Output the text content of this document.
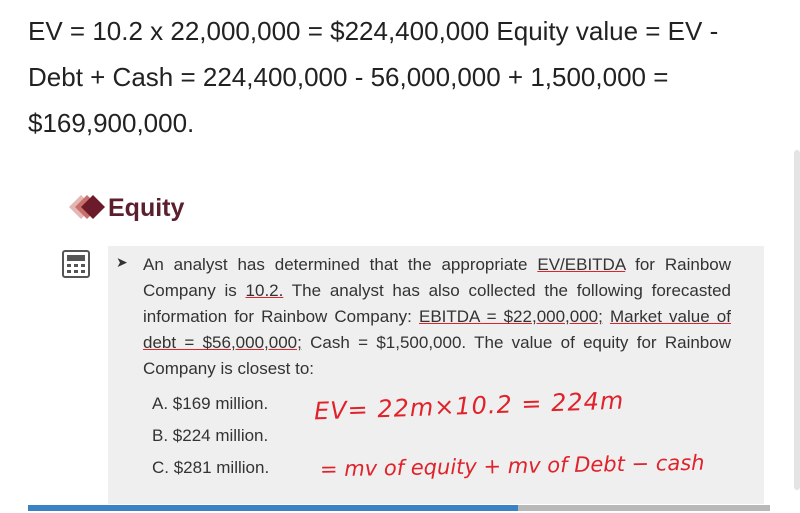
EV = 10.2 x 22,000,000 = $224,400,000 Equity value = EV - Debt + Cash = 224,400,000 - 56,000,000 + 1,500,000 = $169,900,000.
Equity
➤ An analyst has determined that the appropriate EV/EBITDA for Rainbow Company is 10.2. The analyst has also collected the following forecasted information for Rainbow Company: EBITDA = $22,000,000; Market value of debt = $56,000,000; Cash = $1,500,000. The value of equity for Rainbow Company is closest to:
A. $169 million.
B. $224 million.
C. $281 million.
EV= 22m×10.2 = 224m
= mv of equity + mv of Debt − cash
